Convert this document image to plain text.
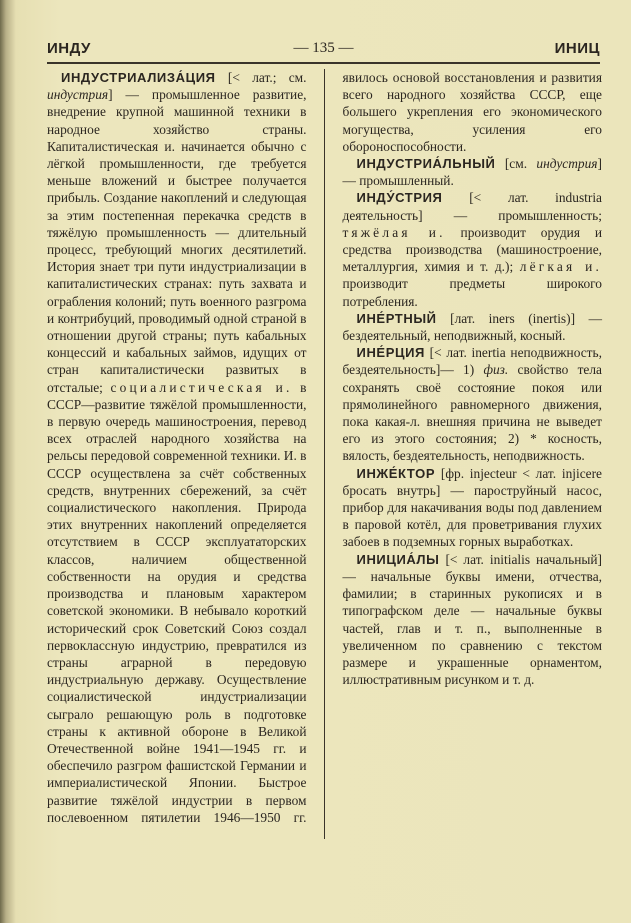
ИНДУ	— 135 —	ИНИЦ

ИНДУСТРИАЛИЗА́ЦИЯ [< лат.; см. индустрия] — промышленное развитие, внедрение крупной машинной техники в народное хозяйство страны. Капиталистическая и. начинается обычно с лёгкой промышленности, где требуется меньше вложений и быстрее получается прибыль. Создание накоплений и следующая за этим постепенная перекачка средств в тяжёлую промышленность — длительный процесс, требующий многих десятилетий. История знает три пути индустриализации в капиталистических странах: путь захвата и ограбления колоний; путь военного разгрома и контрибуций, проводимый одной страной в отношении другой страны; путь кабальных концессий и кабальных займов, идущих от стран капиталистически развитых в отсталые; социалистическая и. в СССР—развитие тяжёлой промышленности, в первую очередь машиностроения, перевод всех отраслей народного хозяйства на рельсы передовой современной техники. И. в СССР осуществлена за счёт собственных средств, внутренних сбережений, за счёт социалистического накопления. Природа этих внутренних накоплений определяется отсутствием в СССР эксплуататорских классов, наличием общественной собственности на орудия и средства производства и плановым характером советской экономики. В небывало короткий исторический срок Советский Союз создал первоклассную индустрию, превратился из страны аграрной в передовую индустриальную державу. Осуществление социалистической индустриализации сыграло решающую роль в подготовке страны к активной обороне в Великой Отечественной войне 1941—1945 гг. и обеспечило разгром фашистской Германии и империалистической Японии. Быстрое развитие тяжёлой индустрии в первом послевоенном пятилетии 1946—1950 гг. явилось основой восстановления и развития всего народного хозяйства СССР, еще большего укрепления его экономического могущества, усиления его обороноспособности.

ИНДУСТРИА́ЛЬНЫЙ [см. индустрия] — промышленный.

ИНДУ́СТРИЯ [< лат. industria деятельность] — промышленность; тяжёлая и. производит орудия и средства производства (машиностроение, металлургия, химия и т. д.); лёгкая и. производит предметы широкого потребления.

ИНЕ́РТНЫЙ [лат. iners (inertis)] — бездеятельный, неподвижный, косный.

ИНЕ́РЦИЯ [< лат. inertia неподвижность, бездеятельность]— 1) физ. свойство тела сохранять своё состояние покоя или прямолинейного равномерного движения, пока какая-л. внешняя причина не выведет его из этого состояния; 2) * косность, вялость, бездеятельность, неподвижность.

ИНЖЕ́КТОР [фр. injecteur < лат. injicere бросать внутрь] — пароструйный насос, прибор для накачивания воды под давлением в паровой котёл, для проветривания глухих забоев в подземных горных выработках.

ИНИЦИА́ЛЫ [< лат. initialis начальный] — начальные буквы имени, отчества, фамилии; в старинных рукописях и в типографском деле — начальные буквы частей, глав и т. п., выполненные в увеличенном по сравнению с текстом размере и украшенные орнаментом, иллюстративным рисунком и т. д.
